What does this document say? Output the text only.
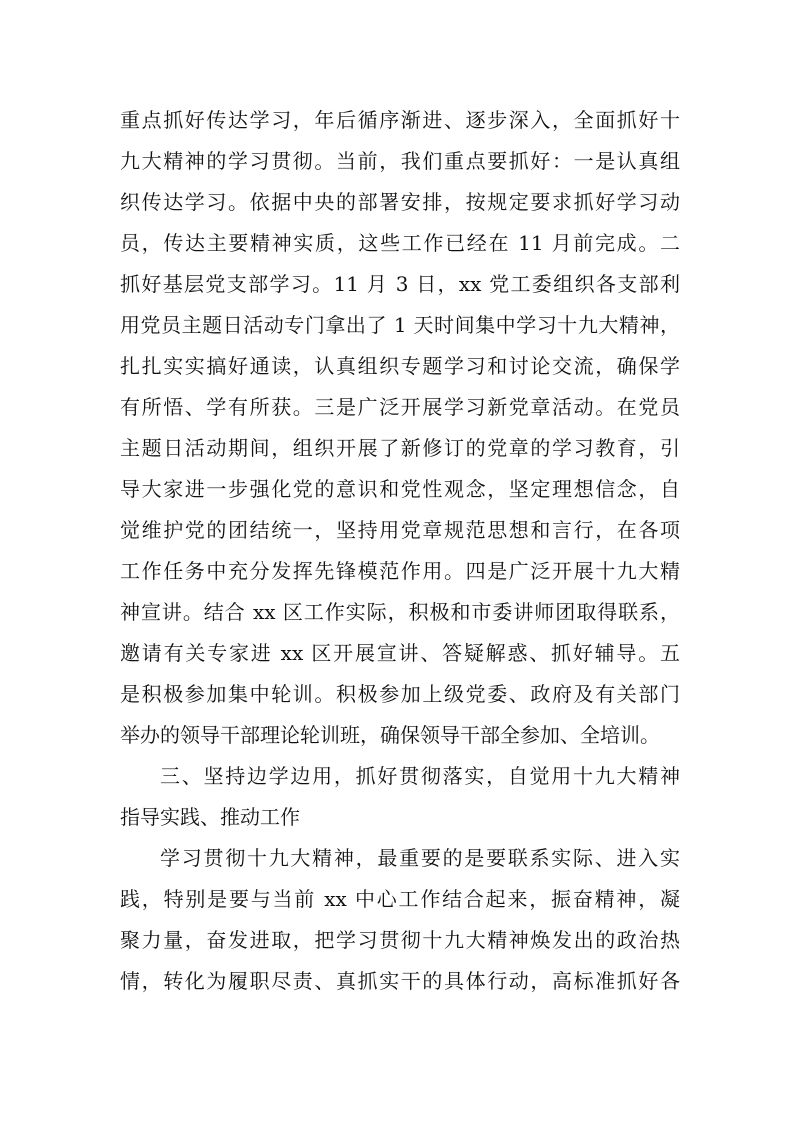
重点抓好传达学习，年后循序渐进、逐步深入，全面抓好十
九大精神的学习贯彻。当前，我们重点要抓好：一是认真组
织传达学习。依据中央的部署安排，按规定要求抓好学习动
员，传达主要精神实质，这些工作已经在 11 月前完成。二
抓好基层党支部学习。11 月 3 日，xx 党工委组织各支部利
用党员主题日活动专门拿出了 1 天时间集中学习十九大精神，
扎扎实实搞好通读，认真组织专题学习和讨论交流，确保学
有所悟、学有所获。三是广泛开展学习新党章活动。在党员
主题日活动期间，组织开展了新修订的党章的学习教育，引
导大家进一步强化党的意识和党性观念，坚定理想信念，自
觉维护党的团结统一，坚持用党章规范思想和言行，在各项
工作任务中充分发挥先锋模范作用。四是广泛开展十九大精
神宣讲。结合 xx 区工作实际，积极和市委讲师团取得联系，
邀请有关专家进 xx 区开展宣讲、答疑解惑、抓好辅导。五
是积极参加集中轮训。积极参加上级党委、政府及有关部门
举办的领导干部理论轮训班，确保领导干部全参加、全培训。
三、坚持边学边用，抓好贯彻落实，自觉用十九大精神
指导实践、推动工作
学习贯彻十九大精神，最重要的是要联系实际、进入实
践，特别是要与当前 xx 中心工作结合起来，振奋精神，凝
聚力量，奋发进取，把学习贯彻十九大精神焕发出的政治热
情，转化为履职尽责、真抓实干的具体行动，高标准抓好各
